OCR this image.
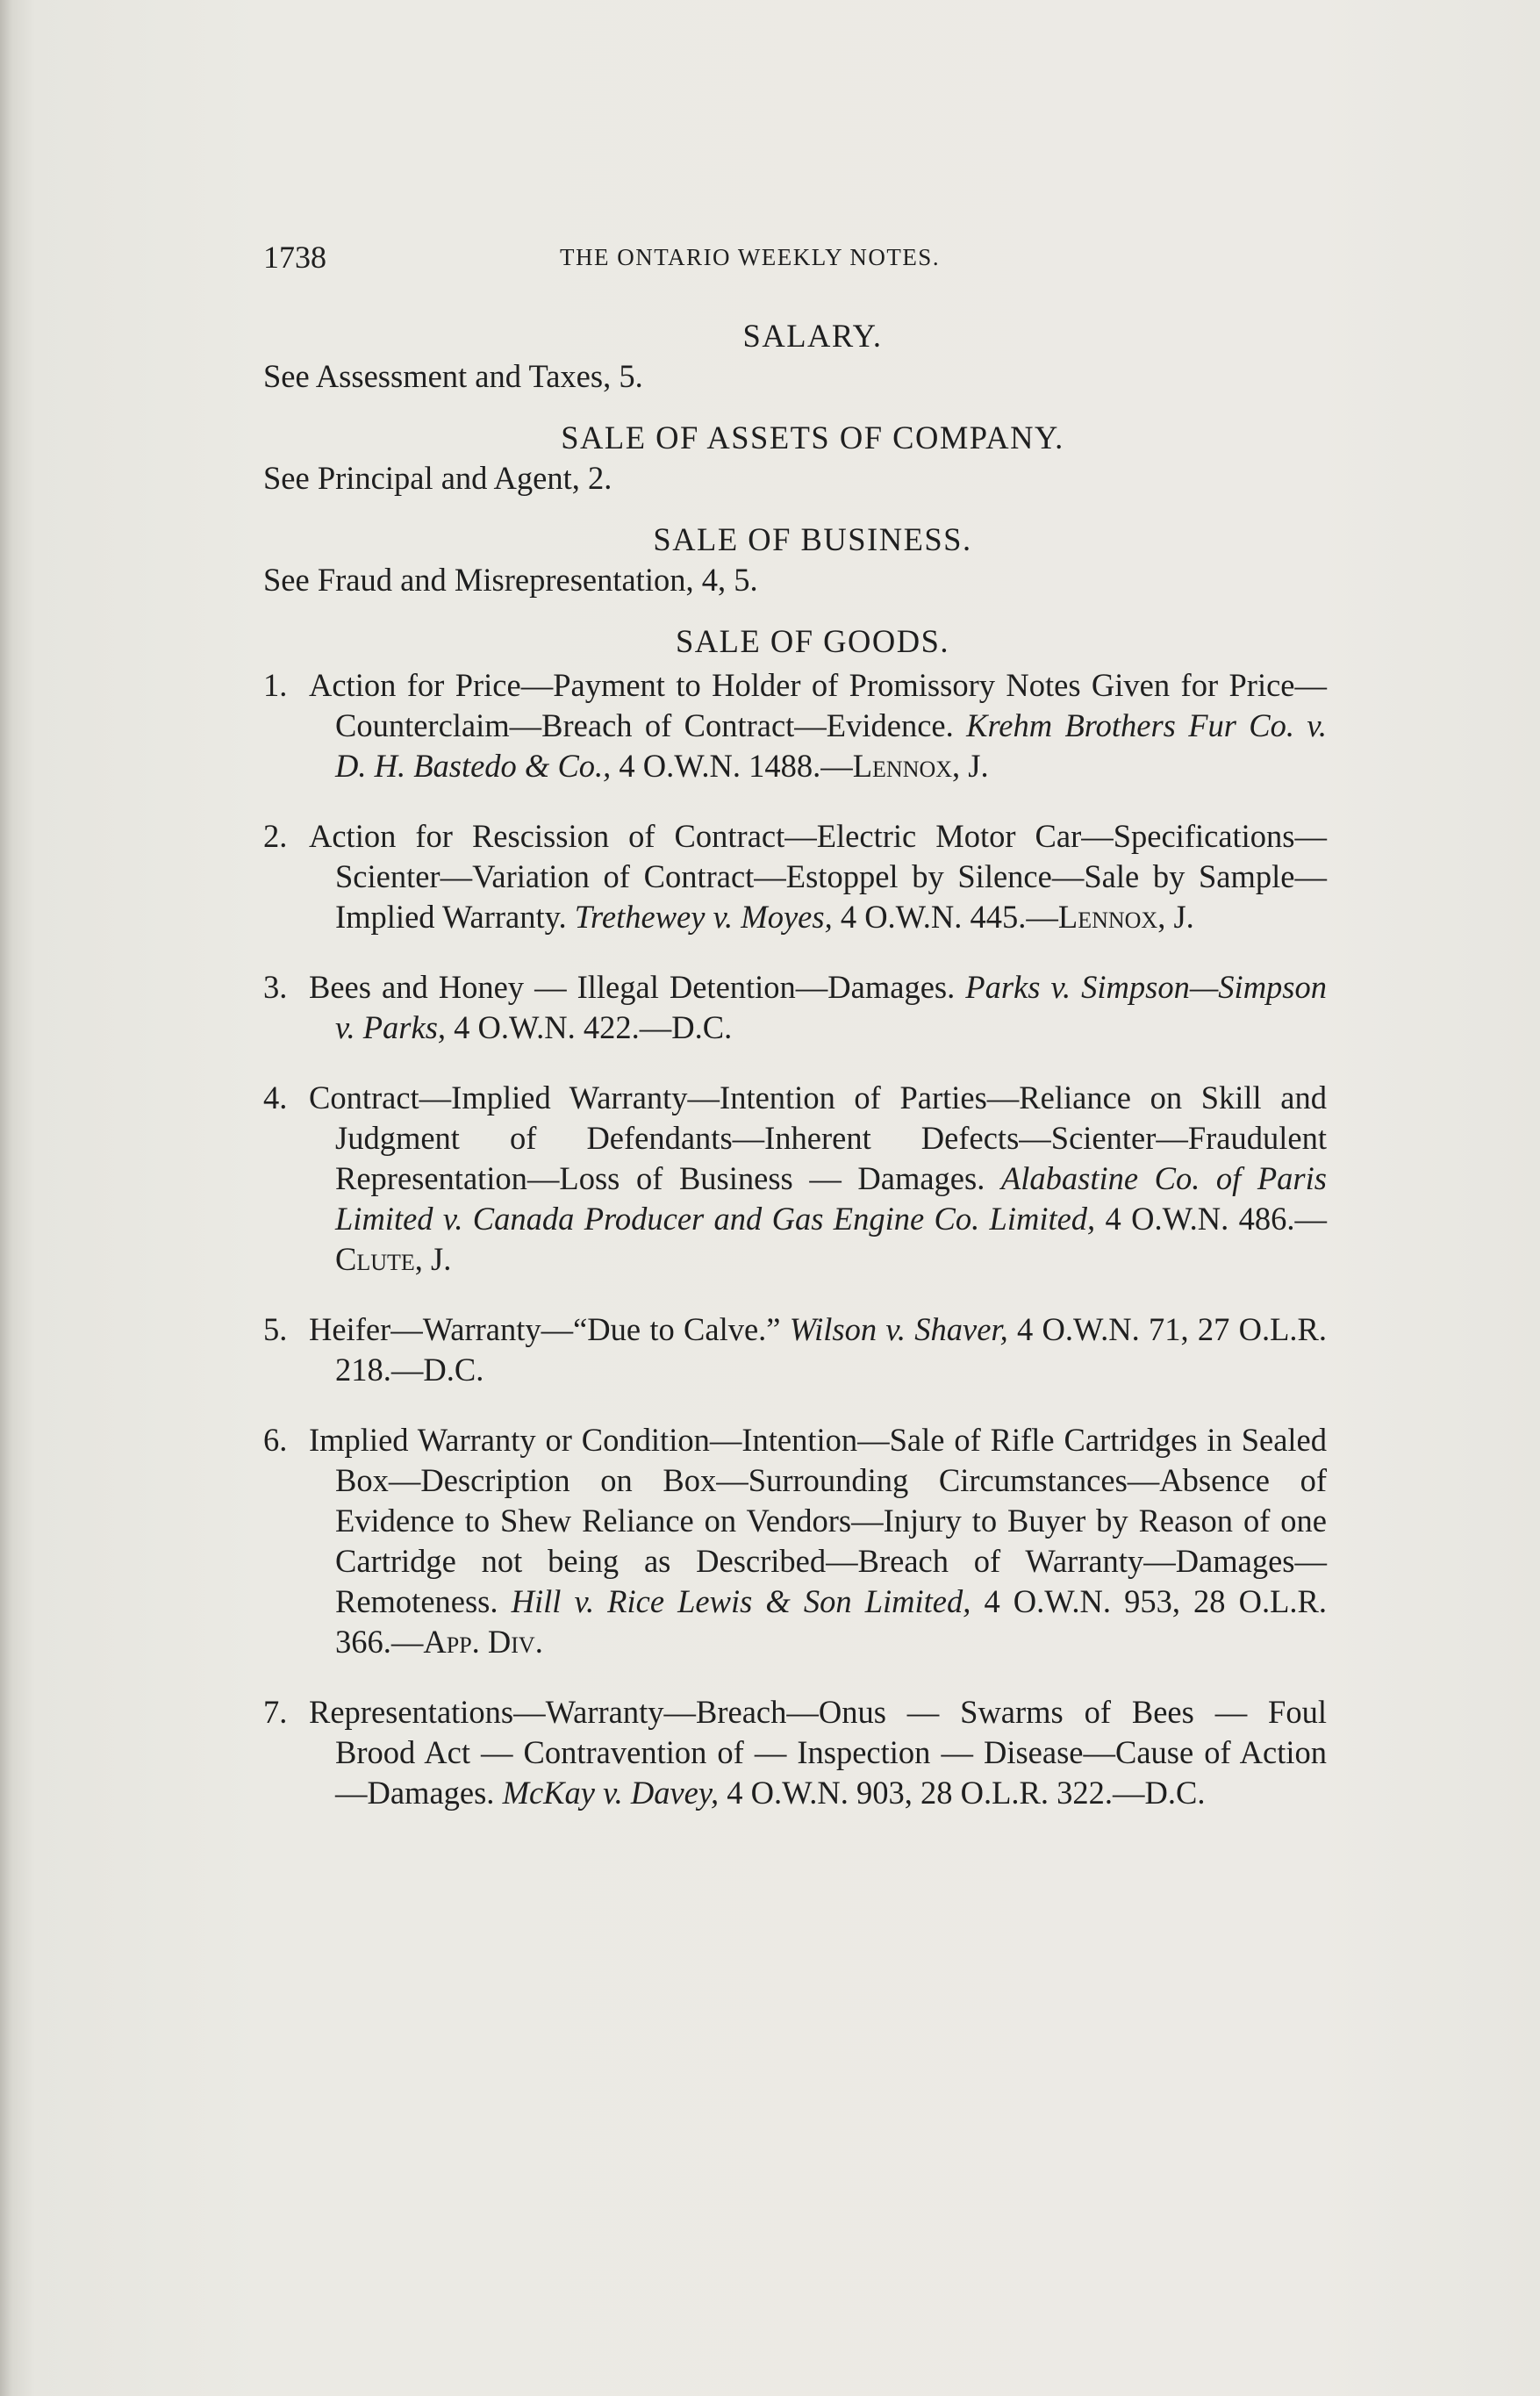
1738	THE ONTARIO WEEKLY NOTES.

SALARY.

See Assessment and Taxes, 5.

SALE OF ASSETS OF COMPANY.

See Principal and Agent, 2.

SALE OF BUSINESS.

See Fraud and Misrepresentation, 4, 5.

SALE OF GOODS.

1. Action for Price—Payment to Holder of Promissory Notes Given for Price—Counterclaim—Breach of Contract—Evidence. Krehm Brothers Fur Co. v. D. H. Bastedo & Co., 4 O.W.N. 1488.—Lennox, J.

2. Action for Rescission of Contract—Electric Motor Car—Specifications—Scienter—Variation of Contract—Estoppel by Silence—Sale by Sample—Implied Warranty. Trethewey v. Moyes, 4 O.W.N. 445.—Lennox, J.

3. Bees and Honey — Illegal Detention—Damages. Parks v. Simpson—Simpson v. Parks, 4 O.W.N. 422.—D.C.

4. Contract—Implied Warranty—Intention of Parties—Reliance on Skill and Judgment of Defendants—Inherent Defects—Scienter—Fraudulent Representation—Loss of Business — Damages. Alabastine Co. of Paris Limited v. Canada Producer and Gas Engine Co. Limited, 4 O.W.N. 486.—Clute, J.

5. Heifer—Warranty—“Due to Calve.” Wilson v. Shaver, 4 O.W.N. 71, 27 O.L.R. 218.—D.C.

6. Implied Warranty or Condition—Intention—Sale of Rifle Cartridges in Sealed Box—Description on Box—Surrounding Circumstances—Absence of Evidence to Shew Reliance on Vendors—Injury to Buyer by Reason of one Cartridge not being as Described—Breach of Warranty—Damages—Remoteness. Hill v. Rice Lewis & Son Limited, 4 O.W.N. 953, 28 O.L.R. 366.—App. Div.

7. Representations—Warranty—Breach—Onus — Swarms of Bees — Foul Brood Act — Contravention of — Inspection — Disease—Cause of Action—Damages. McKay v. Davey, 4 O.W.N. 903, 28 O.L.R. 322.—D.C.
